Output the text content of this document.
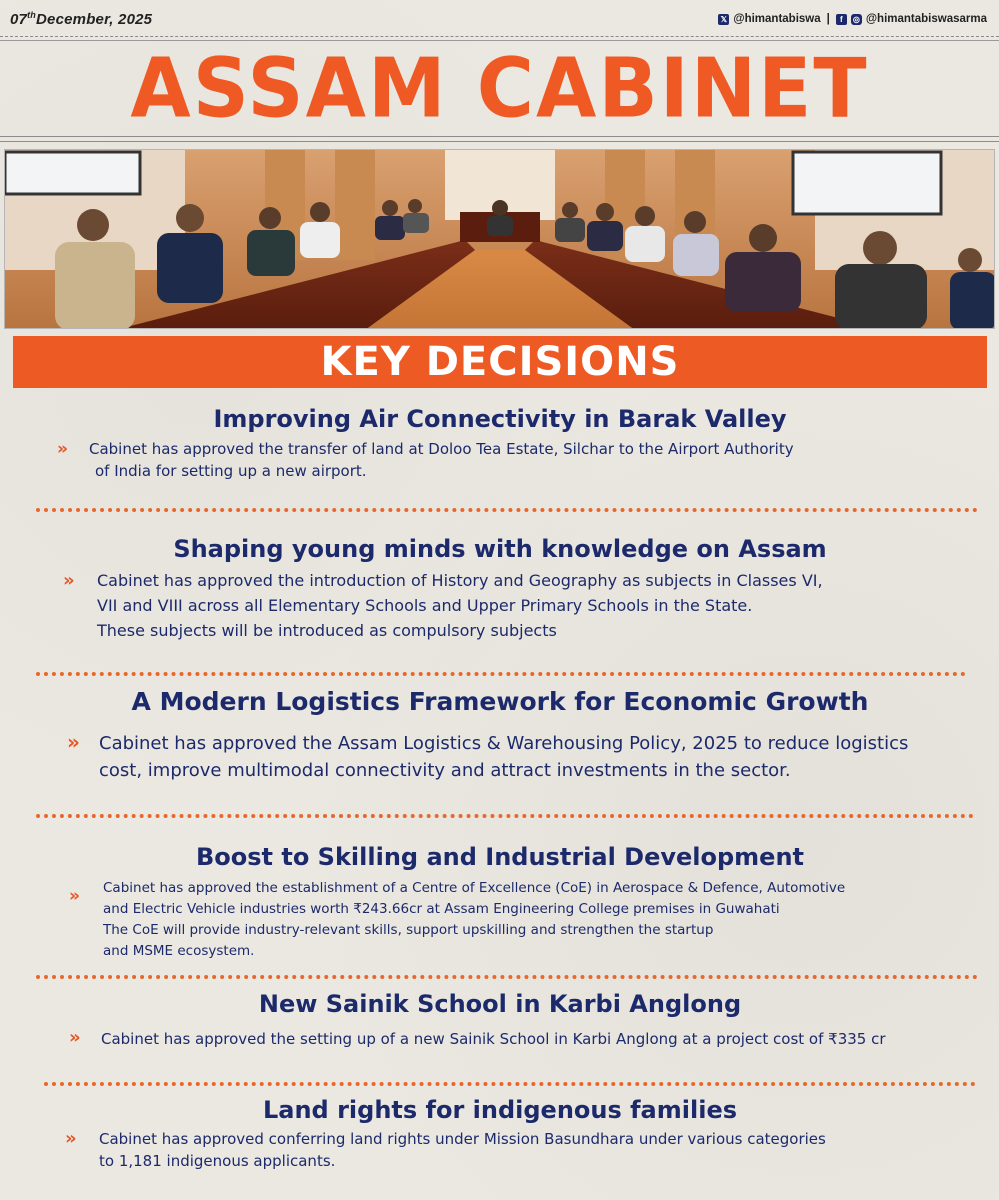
07thDecember, 2025	𝕏 @himantabiswa |	f	◎ @himantabiswasarma
ASSAM CABINET
KEY DECISIONS
Improving Air Connectivity in Barak Valley
»	Cabinet has approved the transfer of land at Doloo Tea Estate, Silchar to the Airport Authority
of India for setting up a new airport.
Shaping young minds with knowledge on Assam
»	Cabinet has approved the introduction of History and Geography as subjects in Classes VI,
VII and VIII across all Elementary Schools and Upper Primary Schools in the State.
These subjects will be introduced as compulsory subjects
A Modern Logistics Framework for Economic Growth
»	Cabinet has approved the Assam Logistics & Warehousing Policy, 2025 to reduce logistics
cost, improve multimodal connectivity and attract investments in the sector.
Boost to Skilling and Industrial Development
»	Cabinet has approved the establishment of a Centre of Excellence (CoE) in Aerospace & Defence, Automotive
and Electric Vehicle industries worth ₹243.66cr at Assam Engineering College premises in Guwahati
The CoE will provide industry-relevant skills, support upskilling and strengthen the startup
and MSME ecosystem.
New Sainik School in Karbi Anglong
»	Cabinet has approved the setting up of a new Sainik School in Karbi Anglong at a project cost of ₹335 cr
Land rights for indigenous families
»	Cabinet has approved conferring land rights under Mission Basundhara under various categories
to 1,181 indigenous applicants.
